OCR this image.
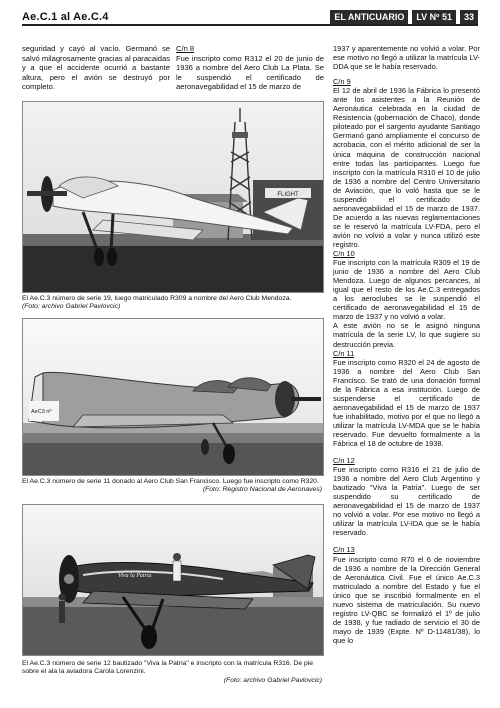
Ae.C.1 al Ae.C.4	EL ANTICUARIO	LV Nº 51	33

seguridad y cayó al vacío. Germanó se salvó milagrosamente gracias al paracaidas y a que el accidente ocurrió a bastante altura, pero el avión se destruyó por completo.

C/n 8

Fue inscripto como R312 el 20 de junio de 1936 a nombre del Aero Club La Plata. Se le suspendió el certificado de aeronavegabilidad el 15 de marzo de

FLIGHT
El Ae.C.3 número de serie 19, luego matriculado R309 a nombre del Aero Club Mendoza.
(Foto: archivo Gabriel Pavlovcic)
AeC3 nº
El Ae.C.3 número de serie 11 donado al Aero Club San Francisco. Luego fue inscripto como R320.
(Foto: Registro Nacional de Aeronaves)
Viva la Patria
El Ae.C.3 número de serie 12 bautizado "Viva la Patria" e inscripto con la matrícula R316. De pie sobre el ala la aviadora Carola Lorenzini.
(Foto: archivo Gabriel Pavlovcic)

1937 y aparentemente no volvió a volar. Por ese motivo no llegó a utilizar la matrícula LV-DDA que se le había reservado.

C/n 9

El 12 de abril de 1936 la Fábrica lo presentó ante los asistentes a la Reunión de Aeronáutica celebrada en la ciudad de Resistencia (gobernación de Chaco), donde piloteado por el sargento ayudante Santiago Germanó ganó ampliamente el concurso de acrobacia, con el mérito adicional de ser la única máquina de construcción nacional entre todas las participantes. Luego fue inscripto con la matrícula R310 el 10 de julio de 1936 a nombre del Centro Universitario de Aviación, que lo voló hasta que se le suspendió el certificado de aeronavegabilidad el 15 de marzo de 1937. De acuerdo a las nuevas reglamentaciones se le reservó la matrícula LV-FDA, pero el avión no volvió a volar y nunca utilizó este registro.

C/n 10

Fue inscripto con la matrícula R309 el 19 de junio de 1936 a nombre del Aero Club Mendoza. Luego de algunos percances, al igual que el resto de los Ae.C.3 entregados a los aeroclubes se le suspendió el certificado de aeronavegabilidad el 15 de marzo de 1937 y no volvió a volar.

A este avión no se le asignó ninguna matrícula de la serie LV, lo que sugiere su destrucción previa.

C/n 11

Fue inscripto como R320 el 24 de agosto de 1936 a nombre del Aero Club San Francisco. Se trató de una donación formal de la Fábrica a esa institución. Luego de suspenderse el certificado de aeronavegabilidad el 15 de marzo de 1937 fue inhabilitado, motivo por el que no llegó a utilizar la matrícula LV-MDA que se le había reservado. Fue devuelto formalmente a la Fábrica el 18 de octubre de 1938.

C/n 12

Fue inscripto como R316 el 21 de julio de 1936 a nombre del Aero Club Argentino y bautizado "Viva la Patria". Luego de ser suspendido su certificado de aeronavegabilidad el 15 de marzo de 1937 no volvió a volar. Por ese motivo no llegó a utilizar la matrícula LV-IDA que se le había reservado.

C/n 13

Fue inscripto como R70 el 6 de noviembre de 1936 a nombre de la Dirección General de Aeronáutica Civil. Fue el único Ae.C.3 matriculado a nombre del Estado y fue el único que se inscribió formalmente en el nuevo sistema de matriculación. Su nuevo registro LV-QBC se formalizó el 1º de julio de 1938, y fue radiado de servicio el 30 de mayo de 1939 (Expte. Nº D-11481/38), lo que lo
